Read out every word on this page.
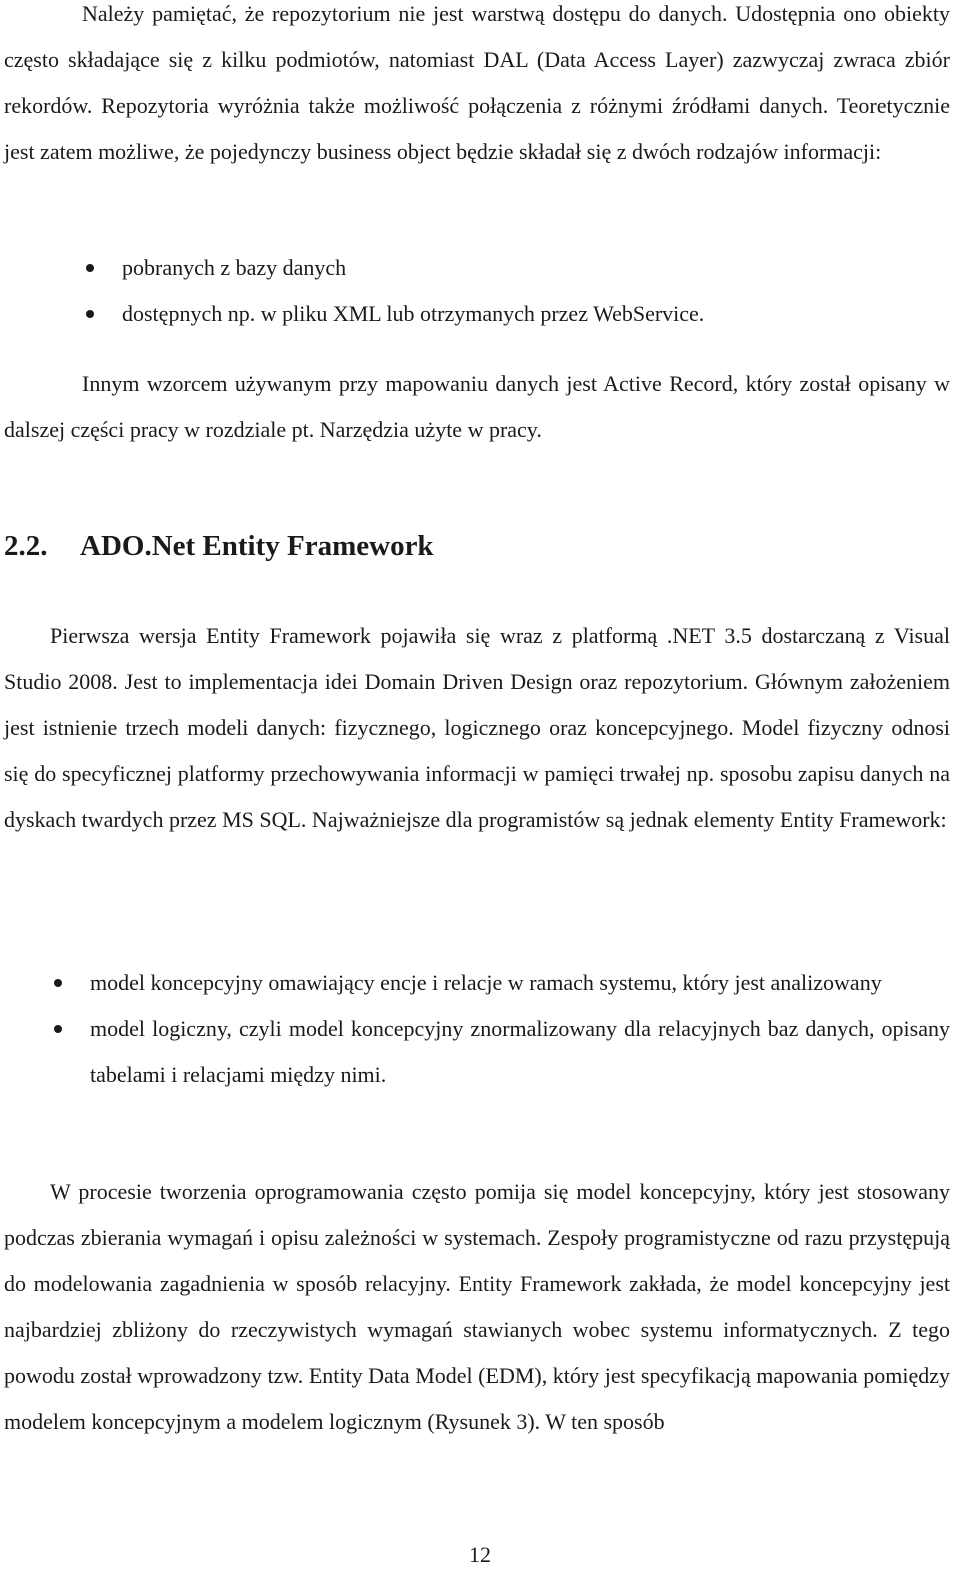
Należy pamiętać, że repozytorium nie jest warstwą dostępu do danych. Udostępnia ono obiekty często składające się z kilku podmiotów, natomiast DAL (Data Access Layer) zazwyczaj zwraca zbiór rekordów. Repozytoria wyróżnia także możliwość połączenia z różnymi źródłami danych. Teoretycznie jest zatem możliwe, że pojedynczy business object będzie składał się z dwóch rodzajów informacji:

pobranych z bazy danych
dostępnych np. w pliku XML lub otrzymanych przez WebService.

Innym wzorcem używanym przy mapowaniu danych jest Active Record, który został opisany w dalszej części pracy w rozdziale pt. Narzędzia użyte w pracy.

2.2. ADO.Net Entity Framework

Pierwsza wersja Entity Framework pojawiła się wraz z platformą .NET 3.5 dostarczaną z Visual Studio 2008. Jest to implementacja idei Domain Driven Design oraz repozytorium. Głównym założeniem jest istnienie trzech modeli danych: fizycznego, logicznego oraz koncepcyjnego. Model fizyczny odnosi się do specyficznej platformy przechowywania informacji w pamięci trwałej np. sposobu zapisu danych na dyskach twardych przez MS SQL. Najważniejsze dla programistów są jednak elementy Entity Framework:

model koncepcyjny omawiający encje i relacje w ramach systemu, który jest analizowany
model logiczny, czyli model koncepcyjny znormalizowany dla relacyjnych baz danych, opisany tabelami i relacjami między nimi.

W procesie tworzenia oprogramowania często pomija się model koncepcyjny, który jest stosowany podczas zbierania wymagań i opisu zależności w systemach. Zespoły programistyczne od razu przystępują do modelowania zagadnienia w sposób relacyjny. Entity Framework zakłada, że model koncepcyjny jest najbardziej zbliżony do rzeczywistych wymagań stawianych wobec systemu informatycznych. Z tego powodu został wprowadzony tzw. Entity Data Model (EDM), który jest specyfikacją mapowania pomiędzy modelem koncepcyjnym a modelem logicznym (Rysunek 3). W ten sposób

12
